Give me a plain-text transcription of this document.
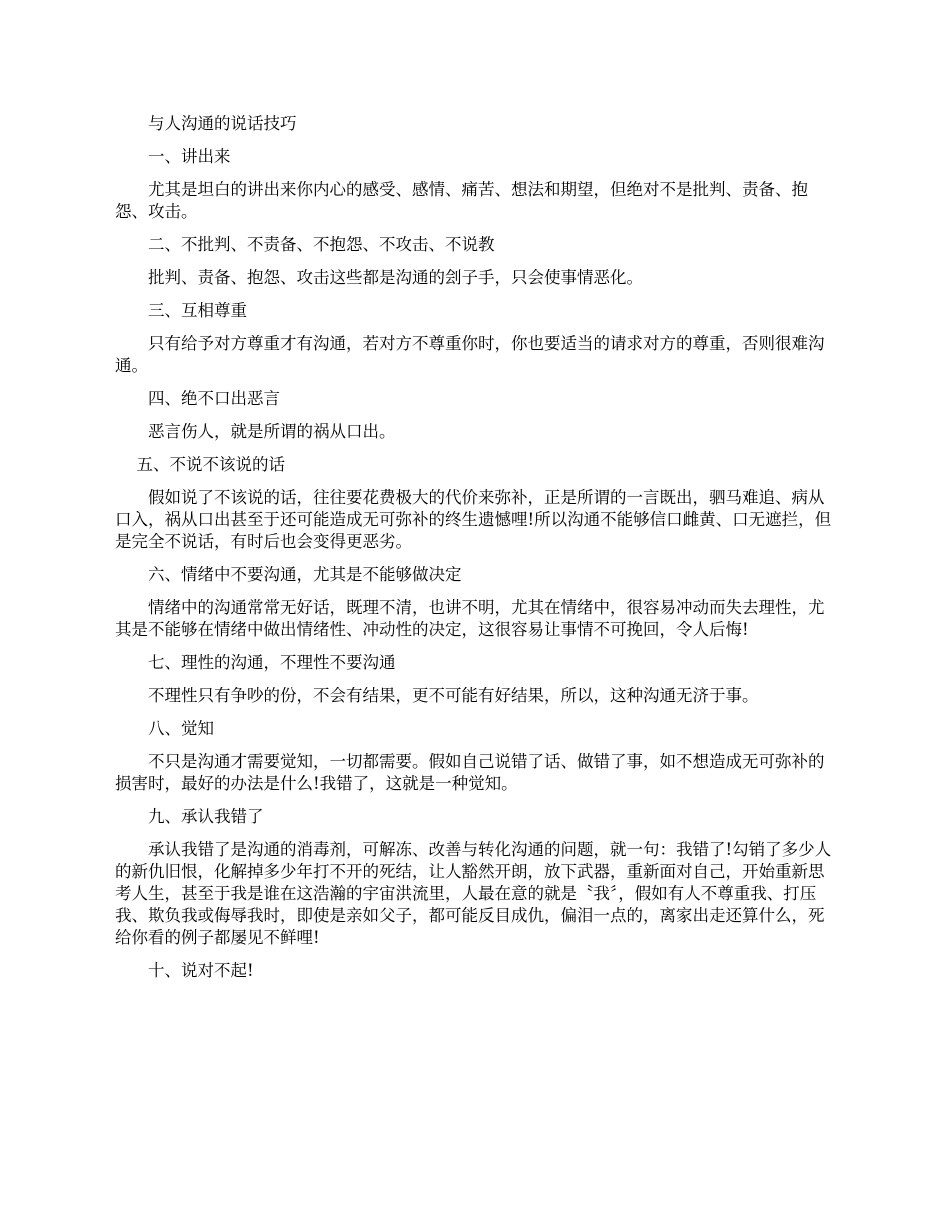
与人沟通的说话技巧

一、讲出来

尤其是坦白的讲出来你内心的感受、感情、痛苦、想法和期望，但绝对不是批判、责备、抱怨、攻击。

二、不批判、不责备、不抱怨、不攻击、不说教

批判、责备、抱怨、攻击这些都是沟通的刽子手，只会使事情恶化。

三、互相尊重

只有给予对方尊重才有沟通，若对方不尊重你时，你也要适当的请求对方的尊重，否则很难沟通。

四、绝不口出恶言

恶言伤人，就是所谓的祸从口出。

五、不说不该说的话

假如说了不该说的话，往往要花费极大的代价来弥补，正是所谓的一言既出，驷马难追、病从口入，祸从口出甚至于还可能造成无可弥补的终生遗憾哩!所以沟通不能够信口雌黄、口无遮拦，但是完全不说话，有时后也会变得更恶劣。

六、情绪中不要沟通，尤其是不能够做决定

情绪中的沟通常常无好话，既理不清，也讲不明，尤其在情绪中，很容易冲动而失去理性，尤其是不能够在情绪中做出情绪性、冲动性的决定，这很容易让事情不可挽回，令人后悔!

七、理性的沟通，不理性不要沟通

不理性只有争吵的份，不会有结果，更不可能有好结果，所以，这种沟通无济于事。

八、觉知

不只是沟通才需要觉知，一切都需要。假如自己说错了话、做错了事，如不想造成无可弥补的损害时，最好的办法是什么!我错了，这就是一种觉知。

九、承认我错了

承认我错了是沟通的消毒剂，可解冻、改善与转化沟通的问题，就一句：我错了!勾销了多少人的新仇旧恨，化解掉多少年打不开的死结，让人豁然开朗，放下武器，重新面对自己，开始重新思考人生，甚至于我是谁在这浩瀚的宇宙洪流里，人最在意的就是〝我〞，假如有人不尊重我、打压我、欺负我或侮辱我时，即使是亲如父子，都可能反目成仇，偏泪一点的，离家出走还算什么，死给你看的例子都屡见不鲜哩!

十、说对不起!
